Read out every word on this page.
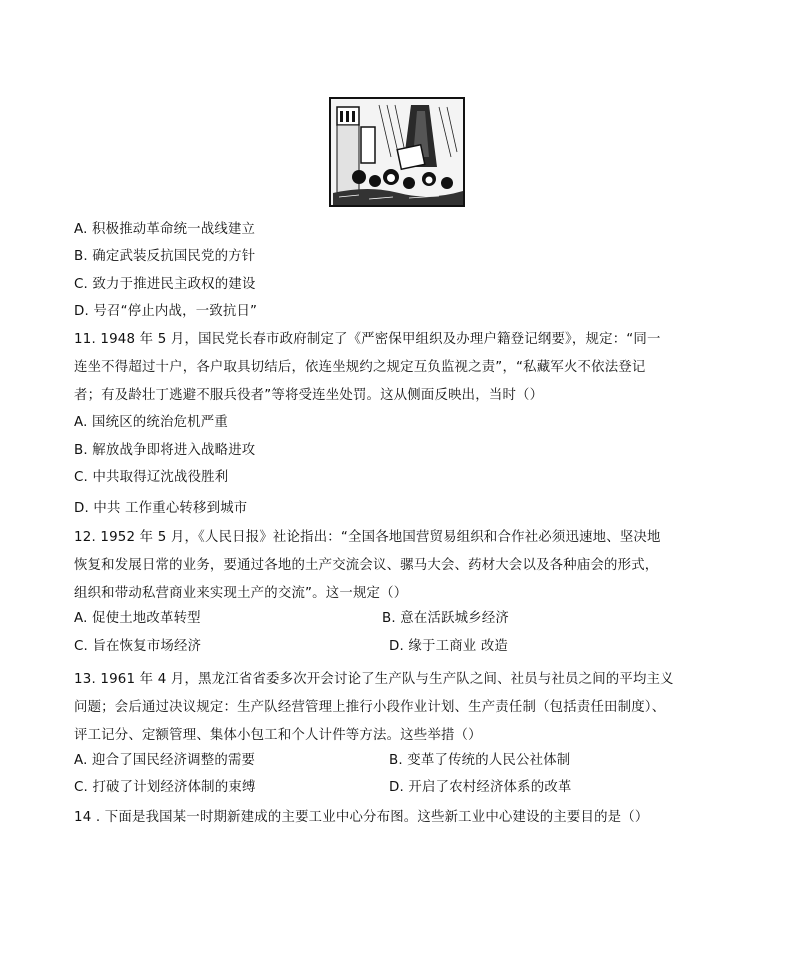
A. 积极推动革命统一战线建立
B. 确定武装反抗国民党的方针
C. 致力于推进民主政权的建设
D. 号召“停止内战，一致抗日”
11. 1948 年 5 月，国民党长春市政府制定了《严密保甲组织及办理户籍登记纲要》，规定：“同一
连坐不得超过十户，各户取具切结后，依连坐规约之规定互负监视之责”，“私藏军火不依法登记
者；有及龄壮丁逃避不服兵役者”等将受连坐处罚。这从侧面反映出，当时（）
A. 国统区的统治危机严重
B. 解放战争即将进入战略进攻
C. 中共取得辽沈战役胜利
D. 中共 工作重心转移到城市
12. 1952 年 5 月，《人民日报》社论指出：“全国各地国营贸易组织和合作社必须迅速地、坚决地
恢复和发展日常的业务，要通过各地的土产交流会议、骡马大会、药材大会以及各种庙会的形式，
组织和带动私营商业来实现土产的交流”。这一规定（）
A. 促使土地改革转型	B. 意在活跃城乡经济
C. 旨在恢复市场经济	D. 缘于工商业 改造
13. 1961 年 4 月，黑龙江省省委多次开会讨论了生产队与生产队之间、社员与社员之间的平均主义
问题；会后通过决议规定：生产队经营管理上推行小段作业计划、生产责任制（包括责任田制度）、
评工记分、定额管理、集体小包工和个人计件等方法。这些举措（）
A. 迎合了国民经济调整的需要	B. 变革了传统的人民公社体制
C. 打破了计划经济体制的束缚	D. 开启了农村经济体系的改革
14 . 下面是我国某一时期新建成的主要工业中心分布图。这些新工业中心建设的主要目的是（）
